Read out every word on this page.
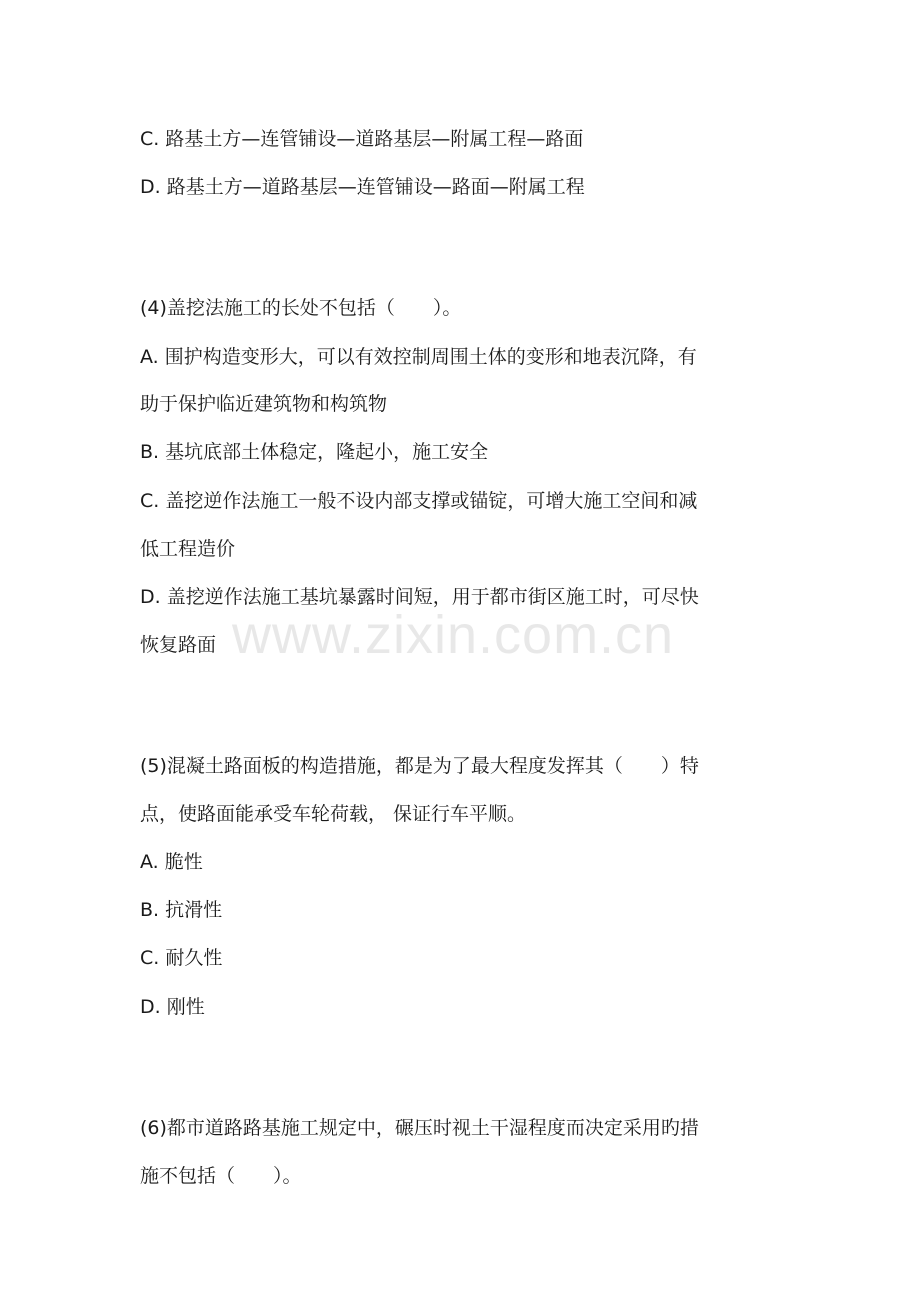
C. 路基土方—连管铺设—道路基层—附属工程—路面
D. 路基土方—道路基层—连管铺设—路面—附属工程
(4)盖挖法施工的长处不包括（　　）。
A. 围护构造变形大，可以有效控制周围土体的变形和地表沉降，有
助于保护临近建筑物和构筑物
B. 基坑底部土体稳定，隆起小，施工安全
C. 盖挖逆作法施工一般不设内部支撑或锚锭，可增大施工空间和减
低工程造价
D. 盖挖逆作法施工基坑暴露时间短，用于都市街区施工时，可尽快
恢复路面
(5)混凝土路面板的构造措施，都是为了最大程度发挥其（　　）特
点，使路面能承受车轮荷载， 保证行车平顺。
A. 脆性
B. 抗滑性
C. 耐久性
D. 刚性
(6)都市道路路基施工规定中，碾压时视土干湿程度而决定采用旳措
施不包括（　　）。
www.zixin.com.cn
